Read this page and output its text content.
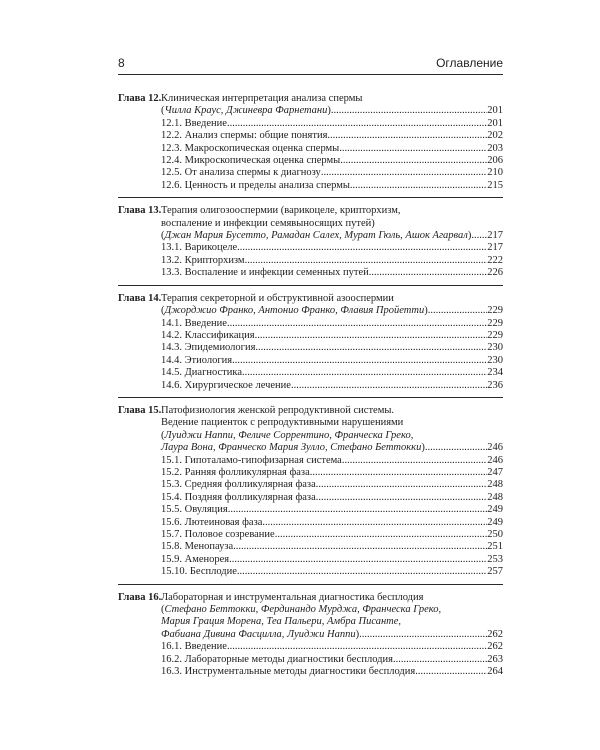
8	Оглавление
Глава 12. Клиническая интерпретация анализа спермы
(Чилла Краус, Джиневра Фарнетани) .....	201
12.1. Введение .....	201
12.2. Анализ спермы: общие понятия .....	202
12.3. Макроскопическая оценка спермы .....	203
12.4. Микроскопическая оценка спермы .....	206
12.5. От анализа спермы к диагнозу .....	210
12.6. Ценность и пределы анализа спермы .....	215
Глава 13. Терапия олигозооспермии (варикоцеле, крипторхизм,
воспаление и инфекции семявыносящих путей)
(Джан Мария Бусетто, Рамадан Салех, Мурат Гюль, Ашок Агарвал) ..... 217
13.1. Варикоцеле .....	217
13.2. Крипторхизм .....	222
13.3. Воспаление и инфекции семенных путей .....	226
Глава 14. Терапия секреторной и обструктивной азооспермии
(Джорджио Франко, Антонио Франко, Флавия Пройетти) .....	229
14.1. Введение .....	229
14.2. Классификация .....	229
14.3. Эпидемиология .....	230
14.4. Этиология .....	230
14.5. Диагностика .....	234
14.6. Хирургическое лечение .....	236
Глава 15. Патофизиология женской репродуктивной системы.
Ведение пациенток с репродуктивными нарушениями
(Луиджи Наппи, Феличе Соррентино, Франческа Греко,
Лаура Вона, Франческо Мария Зулло, Стефано Беттокки) .....	246
15.1. Гипоталамо-гипофизарная система .....	246
15.2. Ранняя фолликулярная фаза .....	247
15.3. Средняя фолликулярная фаза .....	248
15.4. Поздняя фолликулярная фаза .....	248
15.5. Овуляция .....	249
15.6. Лютеиновая фаза .....	249
15.7. Половое созревание .....	250
15.8. Менопауза .....	251
15.9. Аменорея .....	253
15.10. Бесплодие .....	257
Глава 16. Лабораторная и инструментальная диагностика бесплодия
(Стефано Беттокки, Фердинандо Мурджа, Франческа Греко,
Мария Грация Морена, Теа Пальери, Амбра Писанте,
Фабиана Дивина Фасцилла, Луиджи Наппи) .....	262
16.1. Введение .....	262
16.2. Лабораторные методы диагностики бесплодия .....	263
16.3. Инструментальные методы диагностики бесплодия .....	264
